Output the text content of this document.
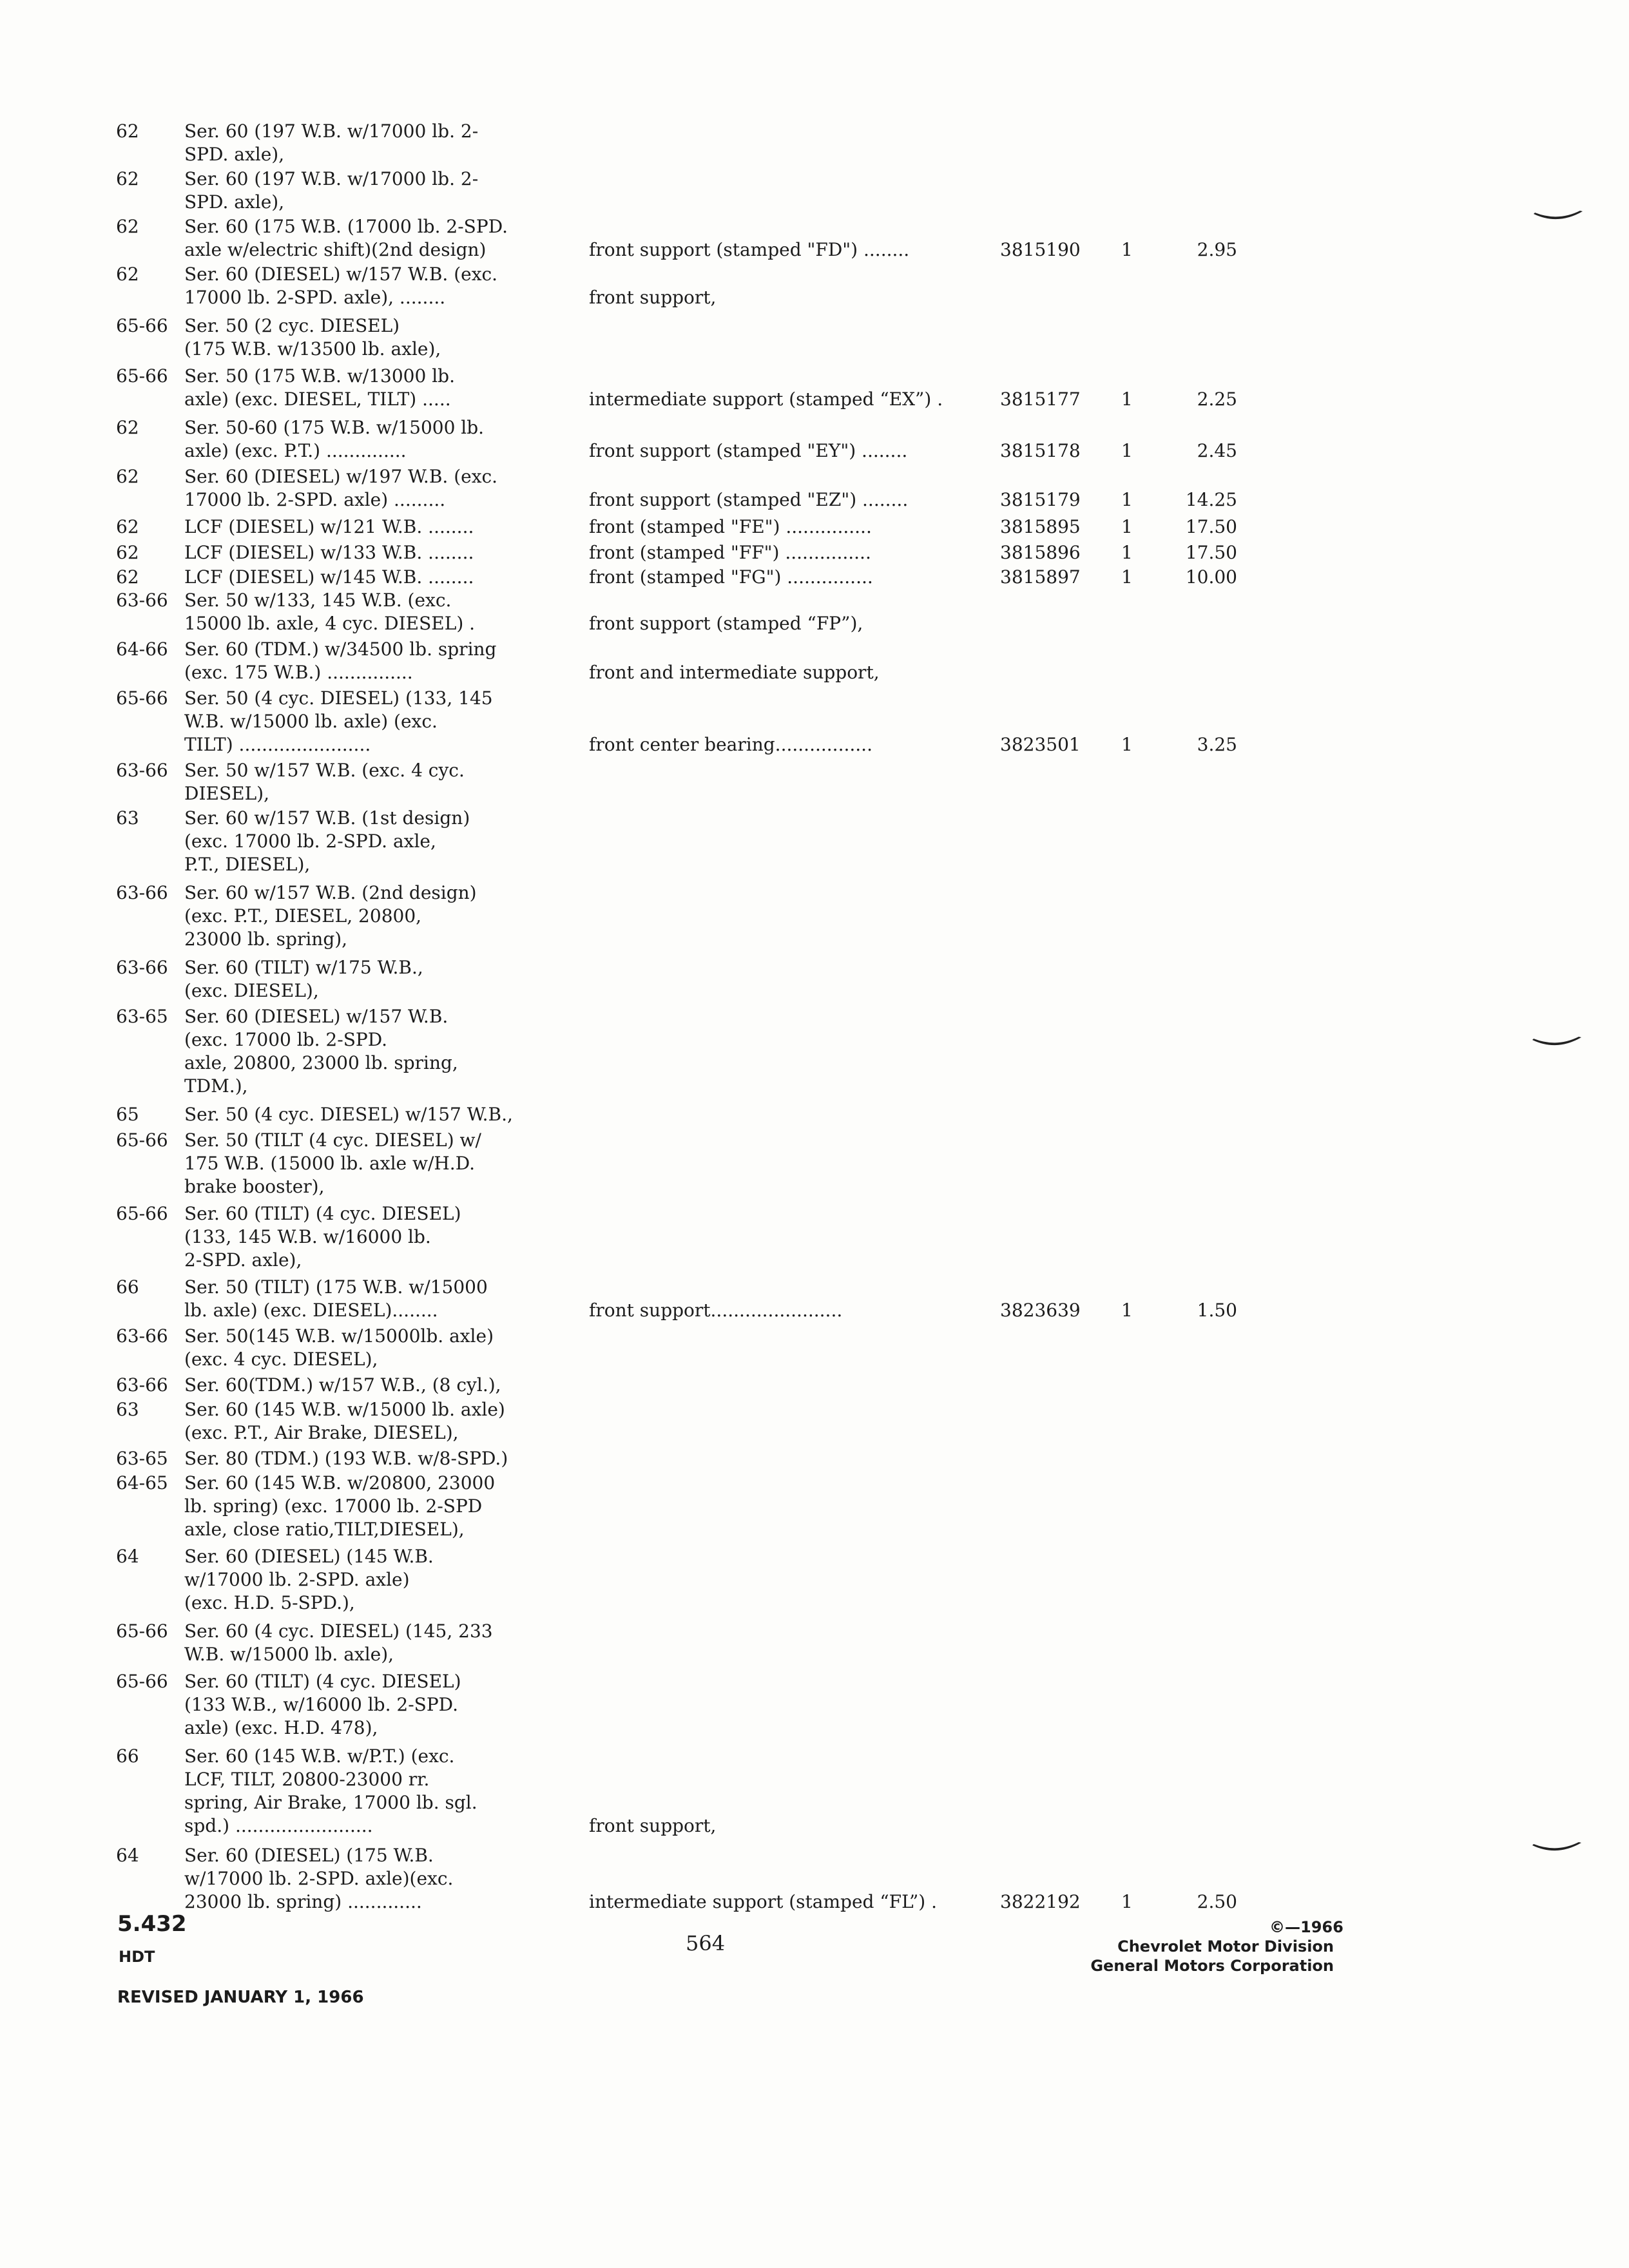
62	Ser. 60 (197 W.B. w/17000 lb. 2-
SPD. axle),
62	Ser. 60 (197 W.B. w/17000 lb. 2-
SPD. axle),
62	Ser. 60 (175 W.B. (17000 lb. 2-SPD.
axle w/electric shift)(2nd design)	front support (stamped "FD") ........	3815190 1	2.95
62	Ser. 60 (DIESEL) w/157 W.B. (exc.
17000 lb. 2-SPD. axle), ........	front support,
65-66 Ser. 50 (2 cyc. DIESEL)
(175 W.B. w/13500 lb. axle),
65-66 Ser. 50 (175 W.B. w/13000 lb.
axle) (exc. DIESEL, TILT) .....	intermediate support (stamped “EX”) .	3815177 1	2.25
62	Ser. 50-60 (175 W.B. w/15000 lb.
axle) (exc. P.T.) ..............	front support (stamped "EY") ........	3815178 1	2.45
62	Ser. 60 (DIESEL) w/197 W.B. (exc.
17000 lb. 2-SPD. axle) .........	front support (stamped "EZ") ........	3815179 1	14.25
62	LCF (DIESEL) w/121 W.B. ........	front (stamped "FE") ...............	3815895 1	17.50
62	LCF (DIESEL) w/133 W.B. ........	front (stamped "FF") ...............	3815896 1	17.50
62	LCF (DIESEL) w/145 W.B. ........	front (stamped "FG") ...............	3815897 1	10.00
63-66 Ser. 50 w/133, 145 W.B. (exc.
15000 lb. axle, 4 cyc. DIESEL) .	front support (stamped “FP”),
64-66 Ser. 60 (TDM.) w/34500 lb. spring
(exc. 175 W.B.) ...............	front and intermediate support,
65-66 Ser. 50 (4 cyc. DIESEL) (133, 145
W.B. w/15000 lb. axle) (exc.
TILT) .......................	front center bearing.................	3823501 1	3.25
63-66 Ser. 50 w/157 W.B. (exc. 4 cyc.
DIESEL),
63	Ser. 60 w/157 W.B. (1st design)
(exc. 17000 lb. 2-SPD. axle,
P.T., DIESEL),
63-66 Ser. 60 w/157 W.B. (2nd design)
(exc. P.T., DIESEL, 20800,
23000 lb. spring),
63-66 Ser. 60 (TILT) w/175 W.B.,
(exc. DIESEL),
63-65 Ser. 60 (DIESEL) w/157 W.B.
(exc. 17000 lb. 2-SPD.
axle, 20800, 23000 lb. spring,
TDM.),
65	Ser. 50 (4 cyc. DIESEL) w/157 W.B.,
65-66 Ser. 50 (TILT (4 cyc. DIESEL) w/
175 W.B. (15000 lb. axle w/H.D.
brake booster),
65-66 Ser. 60 (TILT) (4 cyc. DIESEL)
(133, 145 W.B. w/16000 lb.
2-SPD. axle),
66	Ser. 50 (TILT) (175 W.B. w/15000
lb. axle) (exc. DIESEL)........	front support.......................	3823639 1	1.50
63-66 Ser. 50(145 W.B. w/15000lb. axle)
(exc. 4 cyc. DIESEL),
63-66 Ser. 60(TDM.) w/157 W.B., (8 cyl.),
63	Ser. 60 (145 W.B. w/15000 lb. axle)
(exc. P.T., Air Brake, DIESEL),
63-65 Ser. 80 (TDM.) (193 W.B. w/8-SPD.)
64-65 Ser. 60 (145 W.B. w/20800, 23000
lb. spring) (exc. 17000 lb. 2-SPD
axle, close ratio,TILT,DIESEL),
64	Ser. 60 (DIESEL) (145 W.B.
w/17000 lb. 2-SPD. axle)
(exc. H.D. 5-SPD.),
65-66 Ser. 60 (4 cyc. DIESEL) (145, 233
W.B. w/15000 lb. axle),
65-66 Ser. 60 (TILT) (4 cyc. DIESEL)
(133 W.B., w/16000 lb. 2-SPD.
axle) (exc. H.D. 478),
66	Ser. 60 (145 W.B. w/P.T.) (exc.
LCF, TILT, 20800-23000 rr.
spring, Air Brake, 17000 lb. sgl.
spd.) ........................	front support,
64	Ser. 60 (DIESEL) (175 W.B.
w/17000 lb. 2-SPD. axle)(exc.
23000 lb. spring) .............	intermediate support (stamped “FL”) .	3822192 1	2.50
5.432
HDT
REVISED JANUARY 1, 1966
564
©—1966
Chevrolet Motor Division
General Motors Corporation
